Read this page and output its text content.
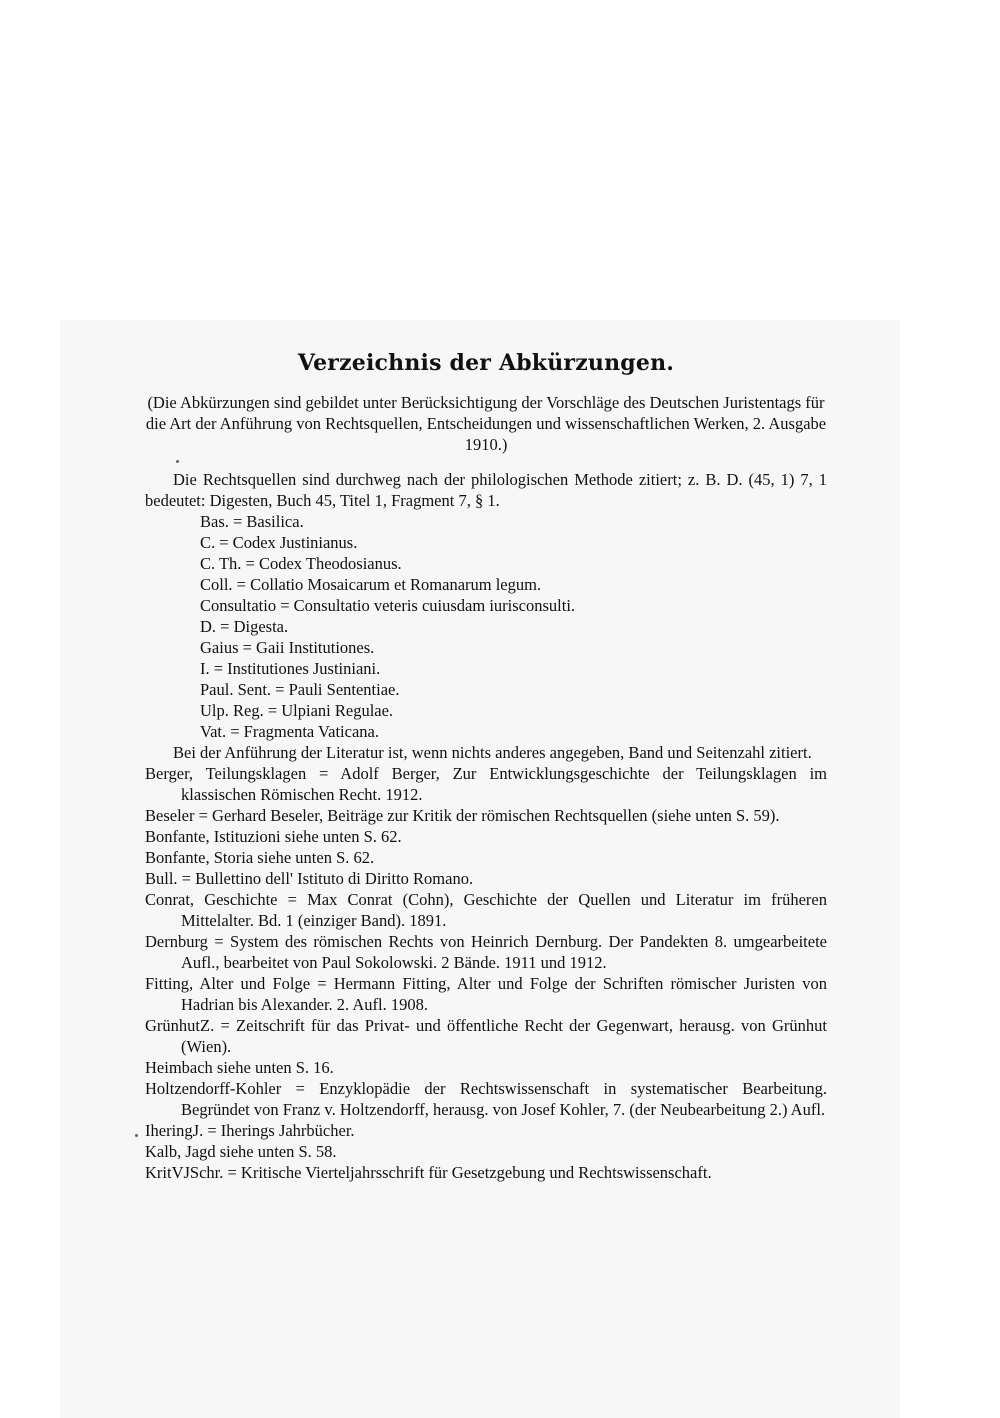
Verzeichnis der Abkürzungen.

(Die Abkürzungen sind gebildet unter Berücksichtigung der Vorschläge des Deutschen Juristentags für die Art der Anführung von Rechtsquellen, Entscheidungen und wissenschaftlichen Werken, 2. Ausgabe 1910.)

Die Rechtsquellen sind durchweg nach der philologischen Methode zitiert; z. B. D. (45, 1) 7, 1 bedeutet: Digesten, Buch 45, Titel 1, Fragment 7, § 1.

Bas. = Basilica.
C. = Codex Justinianus.
C. Th. = Codex Theodosianus.
Coll. = Collatio Mosaicarum et Romanarum legum.
Consultatio = Consultatio veteris cuiusdam iurisconsulti.
D. = Digesta.
Gaius = Gaii Institutiones.
I. = Institutiones Justiniani.
Paul. Sent. = Pauli Sententiae.
Ulp. Reg. = Ulpiani Regulae.
Vat. = Fragmenta Vaticana.

Bei der Anführung der Literatur ist, wenn nichts anderes angegeben, Band und Seitenzahl zitiert.

Berger, Teilungsklagen = Adolf Berger, Zur Entwicklungsgeschichte der Teilungsklagen im klassischen Römischen Recht. 1912.
Beseler = Gerhard Beseler, Beiträge zur Kritik der römischen Rechtsquellen (siehe unten S. 59).
Bonfante, Istituzioni siehe unten S. 62.
Bonfante, Storia siehe unten S. 62.
Bull. = Bullettino dell' Istituto di Diritto Romano.
Conrat, Geschichte = Max Conrat (Cohn), Geschichte der Quellen und Literatur im früheren Mittelalter. Bd. 1 (einziger Band). 1891.
Dernburg = System des römischen Rechts von Heinrich Dernburg. Der Pandekten 8. umgearbeitete Aufl., bearbeitet von Paul Sokolowski. 2 Bände. 1911 und 1912.
Fitting, Alter und Folge = Hermann Fitting, Alter und Folge der Schriften römischer Juristen von Hadrian bis Alexander. 2. Aufl. 1908.
GrünhutZ. = Zeitschrift für das Privat- und öffentliche Recht der Gegenwart, herausg. von Grünhut (Wien).
Heimbach siehe unten S. 16.
Holtzendorff-Kohler = Enzyklopädie der Rechtswissenschaft in systematischer Bearbeitung. Begründet von Franz v. Holtzendorff, herausg. von Josef Kohler, 7. (der Neubearbeitung 2.) Aufl.
IheringJ. = Iherings Jahrbücher.
Kalb, Jagd siehe unten S. 58.
KritVJSchr. = Kritische Vierteljahrsschrift für Gesetzgebung und Rechtswissenschaft.
